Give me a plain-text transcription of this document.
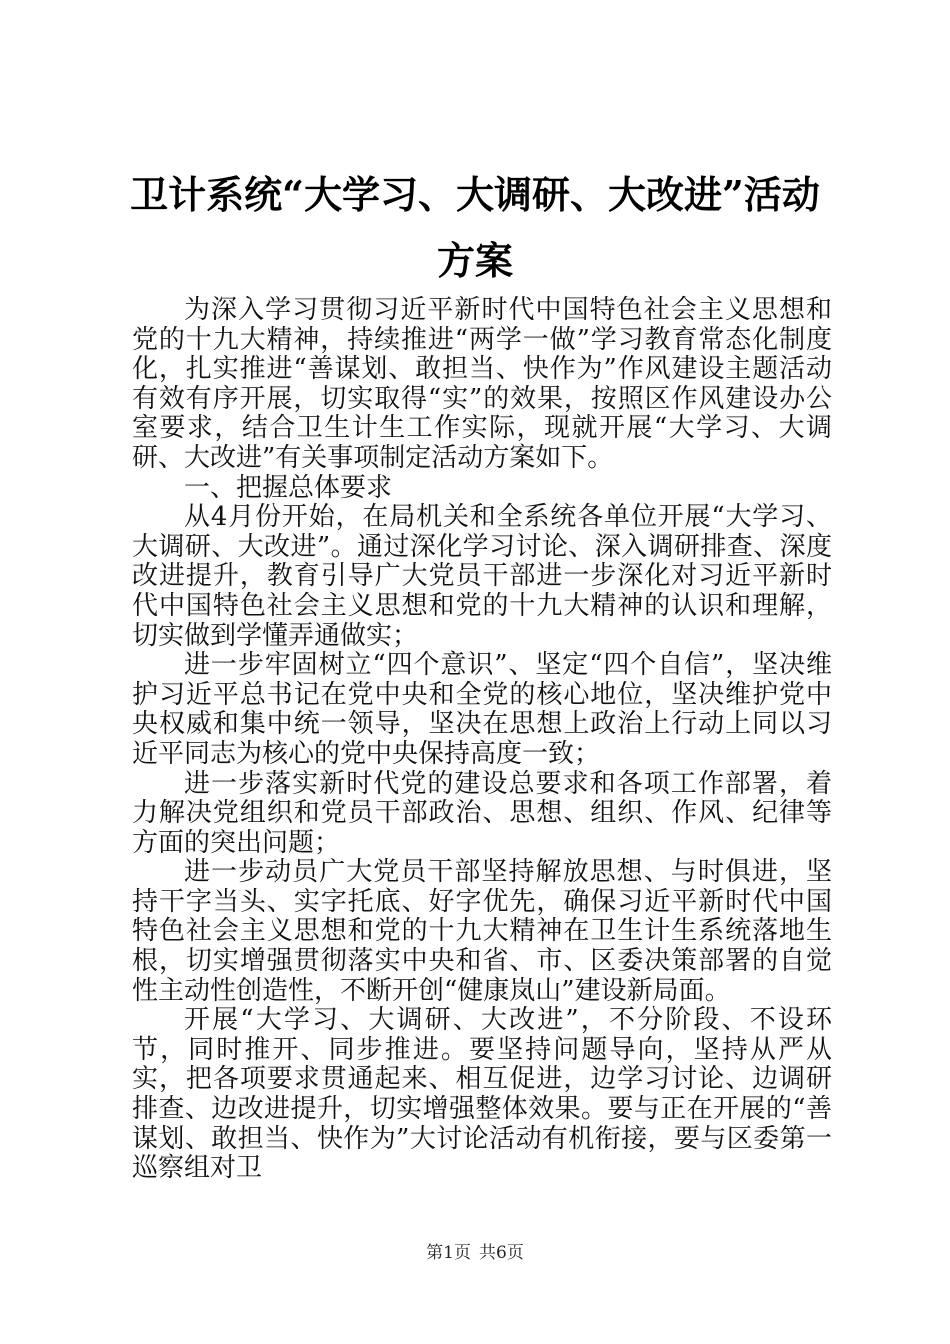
卫计系统“大学习、大调研、大改进”活动方案

为深入学习贯彻习近平新时代中国特色社会主义思想和党的十九大精神，持续推进“两学一做”学习教育常态化制度化，扎实推进“善谋划、敢担当、快作为”作风建设主题活动有效有序开展，切实取得“实”的效果，按照区作风建设办公室要求，结合卫生计生工作实际，现就开展“大学习、大调研、大改进”有关事项制定活动方案如下。

一、把握总体要求

从4月份开始，在局机关和全系统各单位开展“大学习、大调研、大改进”。通过深化学习讨论、深入调研排查、深度改进提升，教育引导广大党员干部进一步深化对习近平新时代中国特色社会主义思想和党的十九大精神的认识和理解，切实做到学懂弄通做实；

进一步牢固树立“四个意识”、坚定“四个自信”，坚决维护习近平总书记在党中央和全党的核心地位，坚决维护党中央权威和集中统一领导，坚决在思想上政治上行动上同以习近平同志为核心的党中央保持高度一致；

进一步落实新时代党的建设总要求和各项工作部署，着力解决党组织和党员干部政治、思想、组织、作风、纪律等方面的突出问题；

进一步动员广大党员干部坚持解放思想、与时俱进，坚持干字当头、实字托底、好字优先，确保习近平新时代中国特色社会主义思想和党的十九大精神在卫生计生系统落地生根，切实增强贯彻落实中央和省、市、区委决策部署的自觉性主动性创造性，不断开创“健康岚山”建设新局面。

开展“大学习、大调研、大改进”，不分阶段、不设环节，同时推开、同步推进。要坚持问题导向，坚持从严从实，把各项要求贯通起来、相互促进，边学习讨论、边调研排查、边改进提升，切实增强整体效果。要与正在开展的“善谋划、敢担当、快作为”大讨论活动有机衔接，要与区委第一巡察组对卫

第1页 共6页
